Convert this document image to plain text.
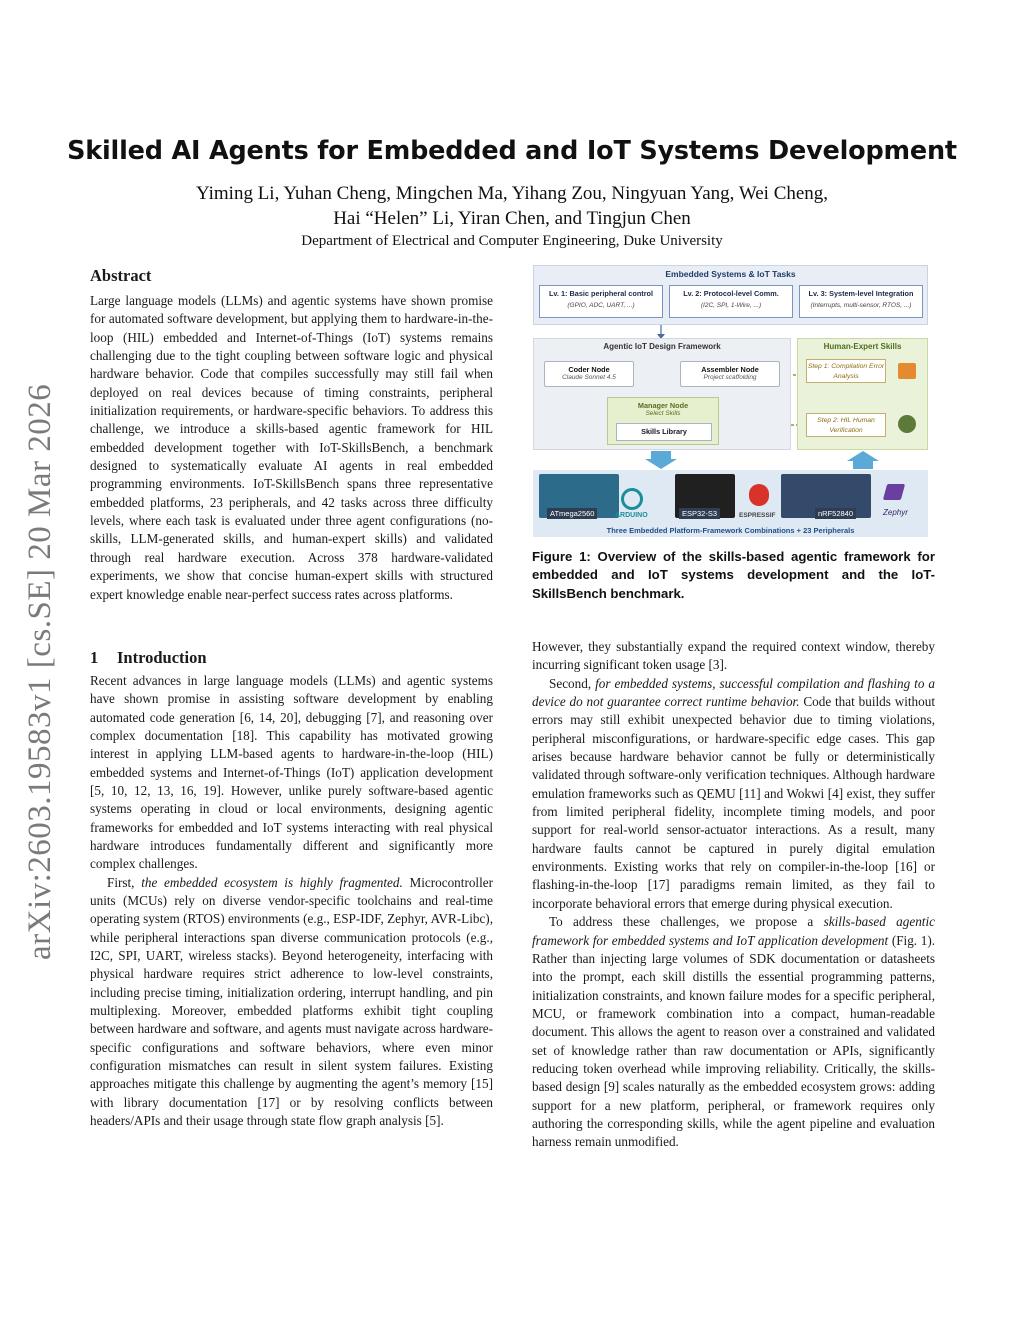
arXiv:2603.19583v1 [cs.SE] 20 Mar 2026
Skilled AI Agents for Embedded and IoT Systems Development
Yiming Li, Yuhan Cheng, Mingchen Ma, Yihang Zou, Ningyuan Yang, Wei Cheng,
Hai “Helen” Li, Yiran Chen, and Tingjun Chen
Department of Electrical and Computer Engineering, Duke University
Abstract

Large language models (LLMs) and agentic systems have shown promise for automated software development, but applying them to hardware-in-the-loop (HIL) embedded and Internet-of-Things (IoT) systems remains challenging due to the tight coupling between software logic and physical hardware behavior. Code that compiles successfully may still fail when deployed on real devices because of timing constraints, peripheral initialization requirements, or hardware-specific behaviors. To address this challenge, we introduce a skills-based agentic framework for HIL embedded development together with IoT-SkillsBench, a benchmark designed to systematically evaluate AI agents in real embedded programming environments. IoT-SkillsBench spans three representative embedded platforms, 23 peripherals, and 42 tasks across three difficulty levels, where each task is evaluated under three agent configurations (no-skills, LLM-generated skills, and human-expert skills) and validated through real hardware execution. Across 378 hardware-validated experiments, we show that concise human-expert skills with structured expert knowledge enable near-perfect success rates across platforms.

1 Introduction

Recent advances in large language models (LLMs) and agentic systems have shown promise in assisting software development by enabling automated code generation [6, 14, 20], debugging [7], and reasoning over complex documentation [18]. This capability has motivated growing interest in applying LLM-based agents to hardware-in-the-loop (HIL) embedded systems and Internet-of-Things (IoT) application development [5, 10, 12, 13, 16, 19]. However, unlike purely software-based agentic systems operating in cloud or local environments, designing agentic frameworks for embedded and IoT systems interacting with real physical hardware introduces fundamentally different and significantly more complex challenges.

First, the embedded ecosystem is highly fragmented. Microcontroller units (MCUs) rely on diverse vendor-specific toolchains and real-time operating system (RTOS) environments (e.g., ESP-IDF, Zephyr, AVR-Libc), while peripheral interactions span diverse communication protocols (e.g., I2C, SPI, UART, wireless stacks). Beyond heterogeneity, interfacing with physical hardware requires strict adherence to low-level constraints, including precise timing, initialization ordering, interrupt handling, and pin multiplexing. Moreover, embedded platforms exhibit tight coupling between hardware and software, and agents must navigate across hardware-specific configurations and software behaviors, where even minor configuration mismatches can result in silent system failures. Existing approaches mitigate this challenge by augmenting the agent’s memory [15] with library documentation [17] or by resolving conflicts between headers/APIs and their usage through state flow graph analysis [5].

Embedded Systems & IoT Tasks
Lv. 1: Basic peripheral control
(GPIO, ADC, UART, ...)
Lv. 2: Protocol-level Comm.
(I2C, SPI, 1-Wire, ...)
Lv. 3: System-level Integration
(Interrupts, multi-sensor, RTOS, ...)
Agentic IoT Design Framework
Coder Node
Claude Sonnet 4.5
Assembler Node
Project scaffolding
Manager Node
Select Skills
Skills Library
Human-Expert Skills
Step 1: Compilation Error Analysis
Step 2: HIL Human Verification
ATmega2560	ARDUINO	ESP32-S3	ESPRESSIF	nRF52840	Zephyr
Three Embedded Platform-Framework Combinations + 23 Peripherals
Figure 1: Overview of the skills-based agentic framework for embedded and IoT systems development and the IoT-SkillsBench benchmark.

However, they substantially expand the required context window, thereby incurring significant token usage [3].

Second, for embedded systems, successful compilation and flashing to a device do not guarantee correct runtime behavior. Code that builds without errors may still exhibit unexpected behavior due to timing violations, peripheral misconfigurations, or hardware-specific edge cases. This gap arises because hardware behavior cannot be fully or deterministically validated through software-only verification techniques. Although hardware emulation frameworks such as QEMU [11] and Wokwi [4] exist, they suffer from limited peripheral fidelity, incomplete timing models, and poor support for real-world sensor-actuator interactions. As a result, many hardware faults cannot be captured in purely digital emulation environments. Existing works that rely on compiler-in-the-loop [16] or flashing-in-the-loop [17] paradigms remain limited, as they fail to incorporate behavioral errors that emerge during physical execution.

To address these challenges, we propose a skills-based agentic framework for embedded systems and IoT application development (Fig. 1). Rather than injecting large volumes of SDK documentation or datasheets into the prompt, each skill distills the essential programming patterns, initialization constraints, and known failure modes for a specific peripheral, MCU, or framework combination into a compact, human-readable document. This allows the agent to reason over a constrained and validated set of knowledge rather than raw documentation or APIs, significantly reducing token overhead while improving reliability. Critically, the skills-based design [9] scales naturally as the embedded ecosystem grows: adding support for a new platform, peripheral, or framework requires only authoring the corresponding skills, while the agent pipeline and evaluation harness remain unmodified.
